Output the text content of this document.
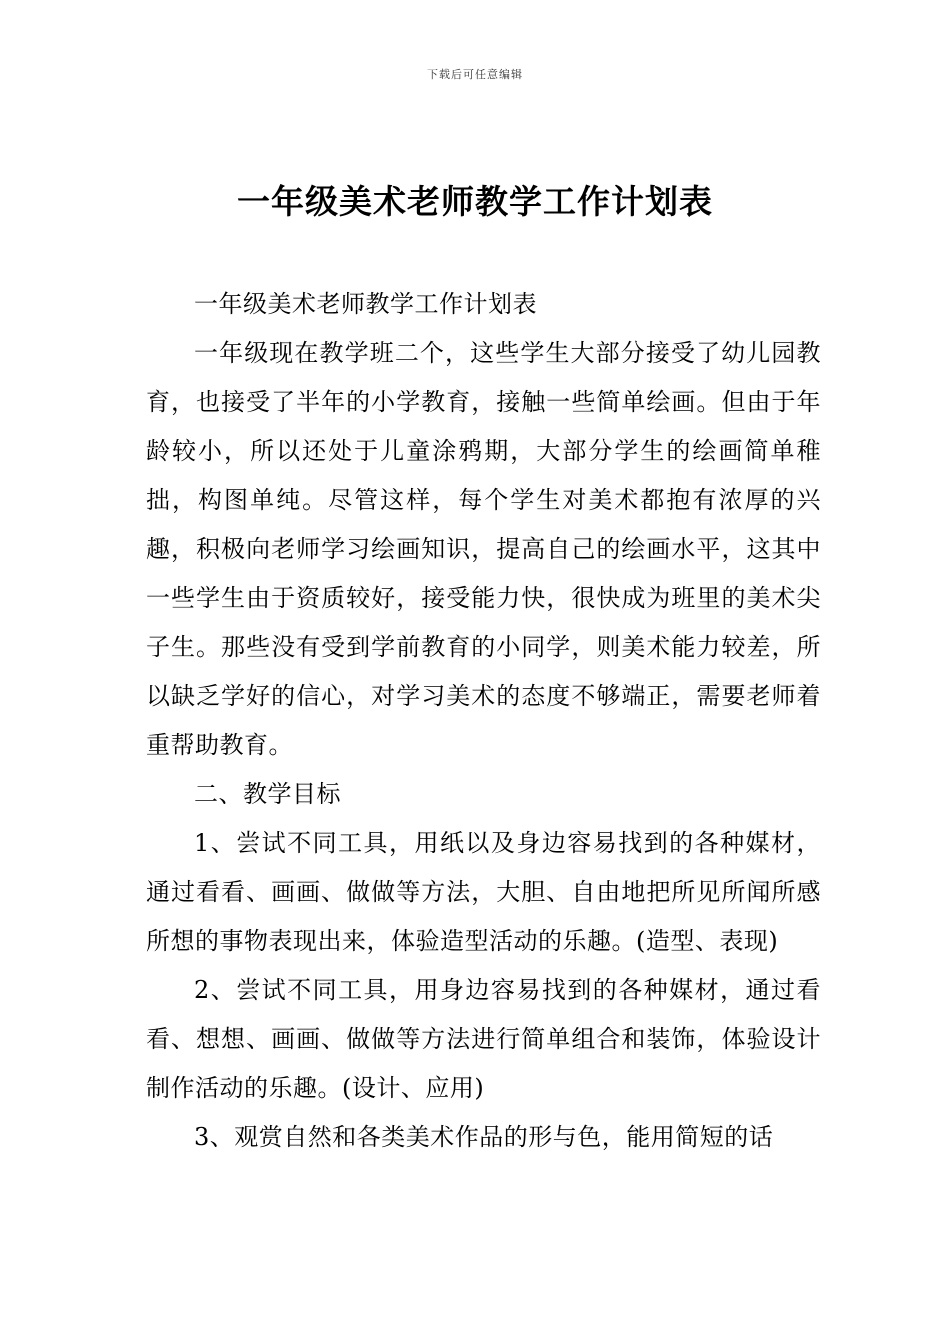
下载后可任意编辑
一年级美术老师教学工作计划表

一年级美术老师教学工作计划表

一年级现在教学班二个，这些学生大部分接受了幼儿园教育，也接受了半年的小学教育，接触一些简单绘画。但由于年龄较小，所以还处于儿童涂鸦期，大部分学生的绘画简单稚拙，构图单纯。尽管这样，每个学生对美术都抱有浓厚的兴趣，积极向老师学习绘画知识，提高自己的绘画水平，这其中一些学生由于资质较好，接受能力快，很快成为班里的美术尖子生。那些没有受到学前教育的小同学，则美术能力较差，所以缺乏学好的信心，对学习美术的态度不够端正，需要老师着重帮助教育。

二、教学目标

1、尝试不同工具，用纸以及身边容易找到的各种媒材，通过看看、画画、做做等方法，大胆、自由地把所见所闻所感所想的事物表现出来，体验造型活动的乐趣。(造型、表现)

2、尝试不同工具，用身边容易找到的各种媒材，通过看看、想想、画画、做做等方法进行简单组合和装饰，体验设计制作活动的乐趣。(设计、应用)

3、观赏自然和各类美术作品的形与色，能用简短的话
